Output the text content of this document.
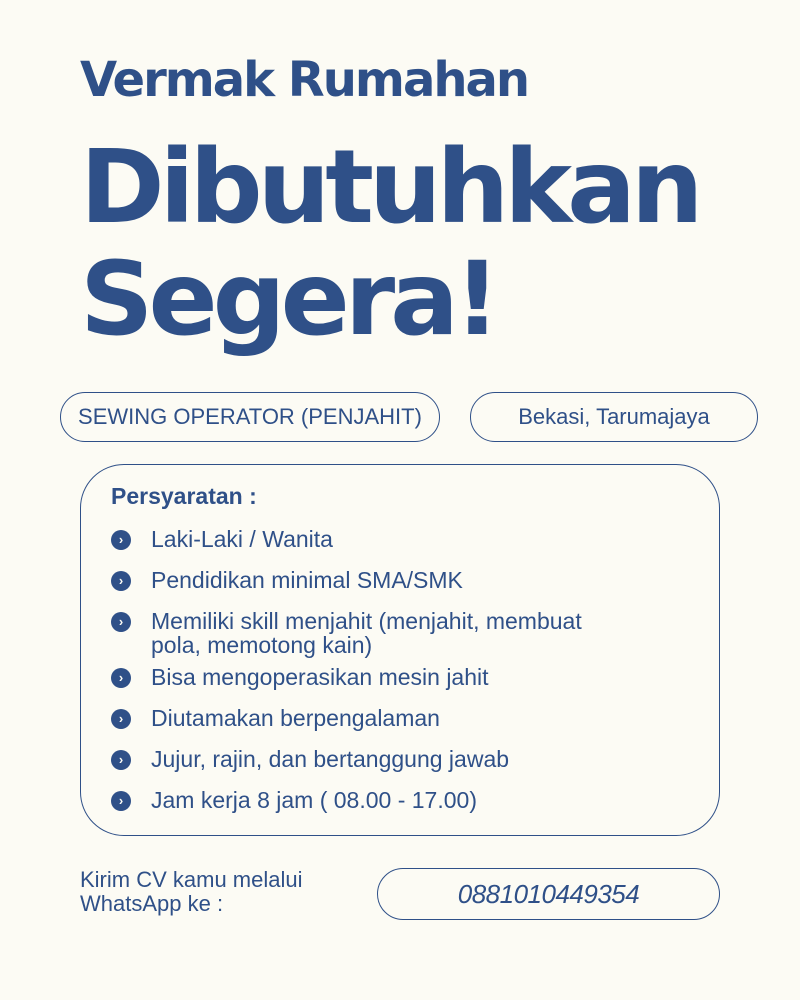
Vermak Rumahan
Dibutuhkan
Segera!
SEWING OPERATOR (PENJAHIT)	Bekasi, Tarumajaya
Persyaratan :
›	Laki-Laki / Wanita
›	Pendidikan minimal SMA/SMK
›	Memiliki skill menjahit (menjahit, membuat pola, memotong kain)
›	Bisa mengoperasikan mesin jahit
›	Diutamakan berpengalaman
›	Jujur, rajin, dan bertanggung jawab
›	Jam kerja 8 jam ( 08.00 - 17.00)
Kirim CV kamu melalui WhatsApp ke :	0881010449354
